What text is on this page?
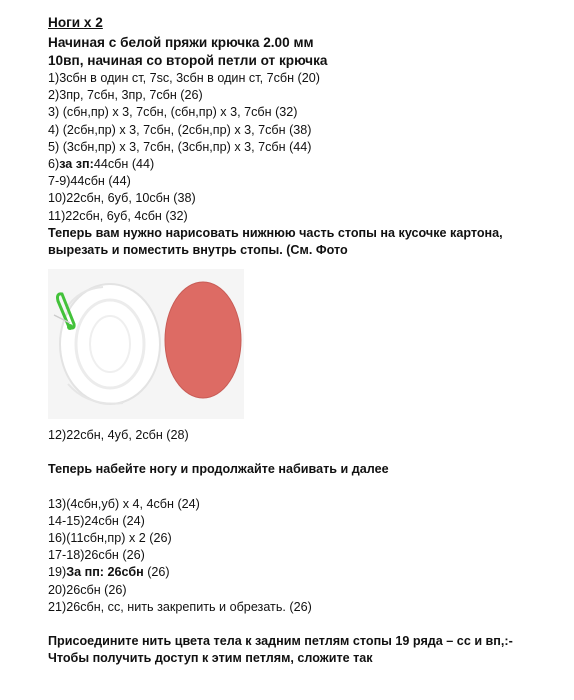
Ноги х 2
Начиная с белой пряжи крючка 2.00 мм
10вп, начиная со второй петли от крючка
1)3сбн в один ст, 7sc, 3сбн в один ст, 7сбн (20)
2)3пр, 7сбн, 3пр, 7сбн (26)
3) (сбн,пр) х 3, 7сбн, (сбн,пр) х 3, 7сбн (32)
4) (2сбн,пр) х 3, 7сбн, (2сбн,пр) х 3, 7сбн (38)
5) (3сбн,пр) х 3, 7сбн, (3сбн,пр) х 3, 7сбн (44)
6)за зп:44сбн (44)
7-9)44сбн (44)
10)22сбн, 6уб, 10сбн (38)
11)22сбн, 6уб, 4сбн (32)
Теперь вам нужно нарисовать нижнюю часть стопы на кусочке картона,
вырезать и поместить внутрь стопы. (См. Фото
12)22сбн, 4уб, 2сбн (28)
Теперь набейте ногу и продолжайте набивать и далее
13)(4сбн,уб) х 4, 4сбн (24)
14-15)24сбн (24)
16)(11сбн,пр) х 2 (26)
17-18)26сбн (26)
19)За пп: 26сбн (26)
20)26сбн (26)
21)26сбн, сс, нить закрепить и обрезать. (26)
Присоедините нить цвета тела к задним петлям стопы 19 ряда – сс и вп,:-
Чтобы получить доступ к этим петлям, сложите так
